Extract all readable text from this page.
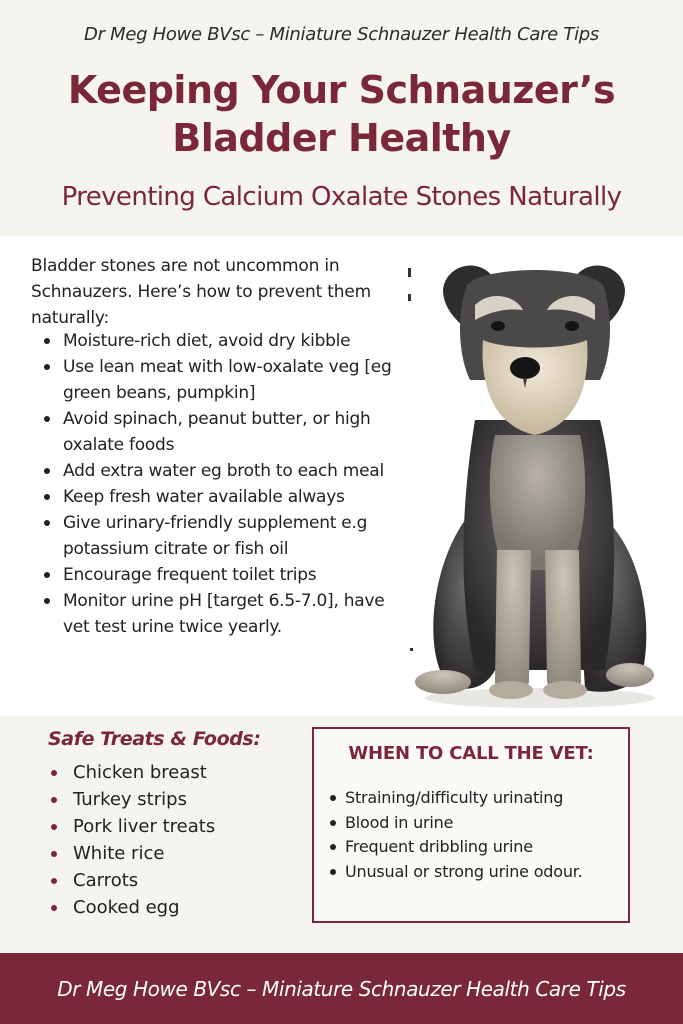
Dr Meg Howe BVsc – Miniature Schnauzer Health Care Tips
Keeping Your Schnauzer’s
Bladder Healthy
Preventing Calcium Oxalate Stones Naturally
Bladder stones are not uncommon in Schnauzers. Here’s how to prevent them naturally:
Moisture-rich diet, avoid dry kibble
Use lean meat with low-oxalate veg [eg green beans, pumpkin]
Avoid spinach, peanut butter, or high oxalate foods
Add extra water eg broth to each meal
Keep fresh water available always
Give urinary-friendly supplement e.g potassium citrate or fish oil
Encourage frequent toilet trips
Monitor urine pH [target 6.5-7.0], have vet test urine twice yearly.
Safe Treats & Foods:
Chicken breast
Turkey strips
Pork liver treats
White rice
Carrots
Cooked egg
WHEN TO CALL THE VET:
Straining/difficulty urinating
Blood in urine
Frequent dribbling urine
Unusual or strong urine odour.
Dr Meg Howe BVsc – Miniature Schnauzer Health Care Tips
